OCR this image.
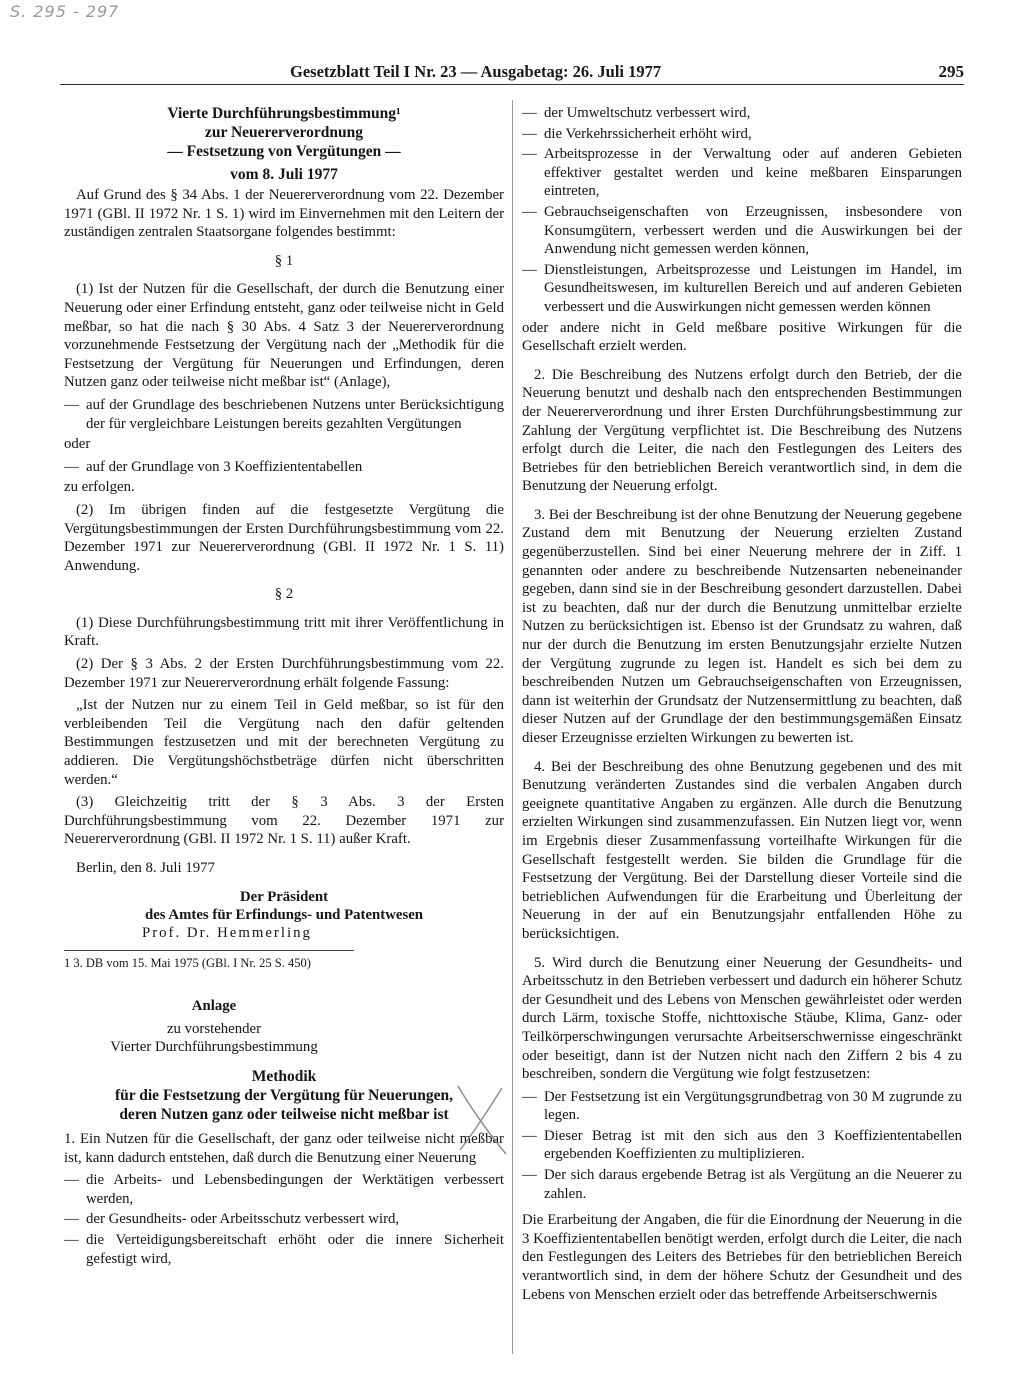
S. 295 - 297
Gesetzblatt Teil I Nr. 23 — Ausgabetag: 26. Juli 1977	295

Vierte Durchführungsbestimmung¹

zur Neuererverordnung

— Festsetzung von Vergütungen —

vom 8. Juli 1977

Auf Grund des § 34 Abs. 1 der Neuererverordnung vom 22. Dezember 1971 (GBl. II 1972 Nr. 1 S. 1) wird im Einvernehmen mit den Leitern der zuständigen zentralen Staatsorgane folgendes bestimmt:

§ 1

(1) Ist der Nutzen für die Gesellschaft, der durch die Benutzung einer Neuerung oder einer Erfindung entsteht, ganz oder teilweise nicht in Geld meßbar, so hat die nach § 30 Abs. 4 Satz 3 der Neuererverordnung vorzunehmende Festsetzung der Vergütung nach der „Methodik für die Festsetzung der Vergütung für Neuerungen und Erfindungen, deren Nutzen ganz oder teilweise nicht meßbar ist“ (Anlage),

— auf der Grundlage des beschriebenen Nutzens unter Berücksichtigung der für vergleichbare Leistungen bereits gezahlten Vergütungen

oder

— auf der Grundlage von 3 Koeffiziententabellen

zu erfolgen.

(2) Im übrigen finden auf die festgesetzte Vergütung die Vergütungsbestimmungen der Ersten Durchführungsbestimmung vom 22. Dezember 1971 zur Neuererverordnung (GBl. II 1972 Nr. 1 S. 11) Anwendung.

§ 2

(1) Diese Durchführungsbestimmung tritt mit ihrer Veröffentlichung in Kraft.

(2) Der § 3 Abs. 2 der Ersten Durchführungsbestimmung vom 22. Dezember 1971 zur Neuererverordnung erhält folgende Fassung:

„Ist der Nutzen nur zu einem Teil in Geld meßbar, so ist für den verbleibenden Teil die Vergütung nach den dafür geltenden Bestimmungen festzusetzen und mit der berechneten Vergütung zu addieren. Die Vergütungshöchstbeträge dürfen nicht überschritten werden.“

(3) Gleichzeitig tritt der § 3 Abs. 3 der Ersten Durchführungsbestimmung vom 22. Dezember 1971 zur Neuererverordnung (GBl. II 1972 Nr. 1 S. 11) außer Kraft.

Berlin, den 8. Juli 1977

Der Präsident

des Amtes für Erfindungs- und Patentwesen

Prof. Dr. Hemmerling

1 3. DB vom 15. Mai 1975 (GBl. I Nr. 25 S. 450)

Anlage

zu vorstehender

Vierter Durchführungsbestimmung

Methodik

für die Festsetzung der Vergütung für Neuerungen,

deren Nutzen ganz oder teilweise nicht meßbar ist

1. Ein Nutzen für die Gesellschaft, der ganz oder teilweise nicht meßbar ist, kann dadurch entstehen, daß durch die Benutzung einer Neuerung

— die Arbeits- und Lebensbedingungen der Werktätigen verbessert werden,
— der Gesundheits- oder Arbeitsschutz verbessert wird,
— die Verteidigungsbereitschaft erhöht oder die innere Sicherheit gefestigt wird,
— der Umweltschutz verbessert wird,
— die Verkehrssicherheit erhöht wird,
— Arbeitsprozesse in der Verwaltung oder auf anderen Gebieten effektiver gestaltet werden und keine meßbaren Einsparungen eintreten,
— Gebrauchseigenschaften von Erzeugnissen, insbesondere von Konsumgütern, verbessert werden und die Auswirkungen bei der Anwendung nicht gemessen werden können,
— Dienstleistungen, Arbeitsprozesse und Leistungen im Handel, im Gesundheitswesen, im kulturellen Bereich und auf anderen Gebieten verbessert und die Auswirkungen nicht gemessen werden können

oder andere nicht in Geld meßbare positive Wirkungen für die Gesellschaft erzielt werden.

2. Die Beschreibung des Nutzens erfolgt durch den Betrieb, der die Neuerung benutzt und deshalb nach den entsprechenden Bestimmungen der Neuererverordnung und ihrer Ersten Durchführungsbestimmung zur Zahlung der Vergütung verpflichtet ist. Die Beschreibung des Nutzens erfolgt durch die Leiter, die nach den Festlegungen des Leiters des Betriebes für den betrieblichen Bereich verantwortlich sind, in dem die Benutzung der Neuerung erfolgt.

3. Bei der Beschreibung ist der ohne Benutzung der Neuerung gegebene Zustand dem mit Benutzung der Neuerung erzielten Zustand gegenüberzustellen. Sind bei einer Neuerung mehrere der in Ziff. 1 genannten oder andere zu beschreibende Nutzensarten nebeneinander gegeben, dann sind sie in der Beschreibung gesondert darzustellen. Dabei ist zu beachten, daß nur der durch die Benutzung unmittelbar erzielte Nutzen zu berücksichtigen ist. Ebenso ist der Grundsatz zu wahren, daß nur der durch die Benutzung im ersten Benutzungsjahr erzielte Nutzen der Vergütung zugrunde zu legen ist. Handelt es sich bei dem zu beschreibenden Nutzen um Gebrauchseigenschaften von Erzeugnissen, dann ist weiterhin der Grundsatz der Nutzensermittlung zu beachten, daß dieser Nutzen auf der Grundlage der den bestimmungsgemäßen Einsatz dieser Erzeugnisse erzielten Wirkungen zu bewerten ist.

4. Bei der Beschreibung des ohne Benutzung gegebenen und des mit Benutzung veränderten Zustandes sind die verbalen Angaben durch geeignete quantitative Angaben zu ergänzen. Alle durch die Benutzung erzielten Wirkungen sind zusammenzufassen. Ein Nutzen liegt vor, wenn im Ergebnis dieser Zusammenfassung vorteilhafte Wirkungen für die Gesellschaft festgestellt werden. Sie bilden die Grundlage für die Festsetzung der Vergütung. Bei der Darstellung dieser Vorteile sind die betrieblichen Aufwendungen für die Erarbeitung und Überleitung der Neuerung in der auf ein Benutzungsjahr entfallenden Höhe zu berücksichtigen.

5. Wird durch die Benutzung einer Neuerung der Gesundheits- und Arbeitsschutz in den Betrieben verbessert und dadurch ein höherer Schutz der Gesundheit und des Lebens von Menschen gewährleistet oder werden durch Lärm, toxische Stoffe, nichttoxische Stäube, Klima, Ganz- oder Teilkörperschwingungen verursachte Arbeitserschwernisse eingeschränkt oder beseitigt, dann ist der Nutzen nicht nach den Ziffern 2 bis 4 zu beschreiben, sondern die Vergütung wie folgt festzusetzen:

— Der Festsetzung ist ein Vergütungsgrundbetrag von 30 M zugrunde zu legen.
— Dieser Betrag ist mit den sich aus den 3 Koeffiziententabellen ergebenden Koeffizienten zu multiplizieren.
— Der sich daraus ergebende Betrag ist als Vergütung an die Neuerer zu zahlen.

Die Erarbeitung der Angaben, die für die Einordnung der Neuerung in die 3 Koeffiziententabellen benötigt werden, erfolgt durch die Leiter, die nach den Festlegungen des Leiters des Betriebes für den betrieblichen Bereich verantwortlich sind, in dem der höhere Schutz der Gesundheit und des Lebens von Menschen erzielt oder das betreffende Arbeitserschwernis
